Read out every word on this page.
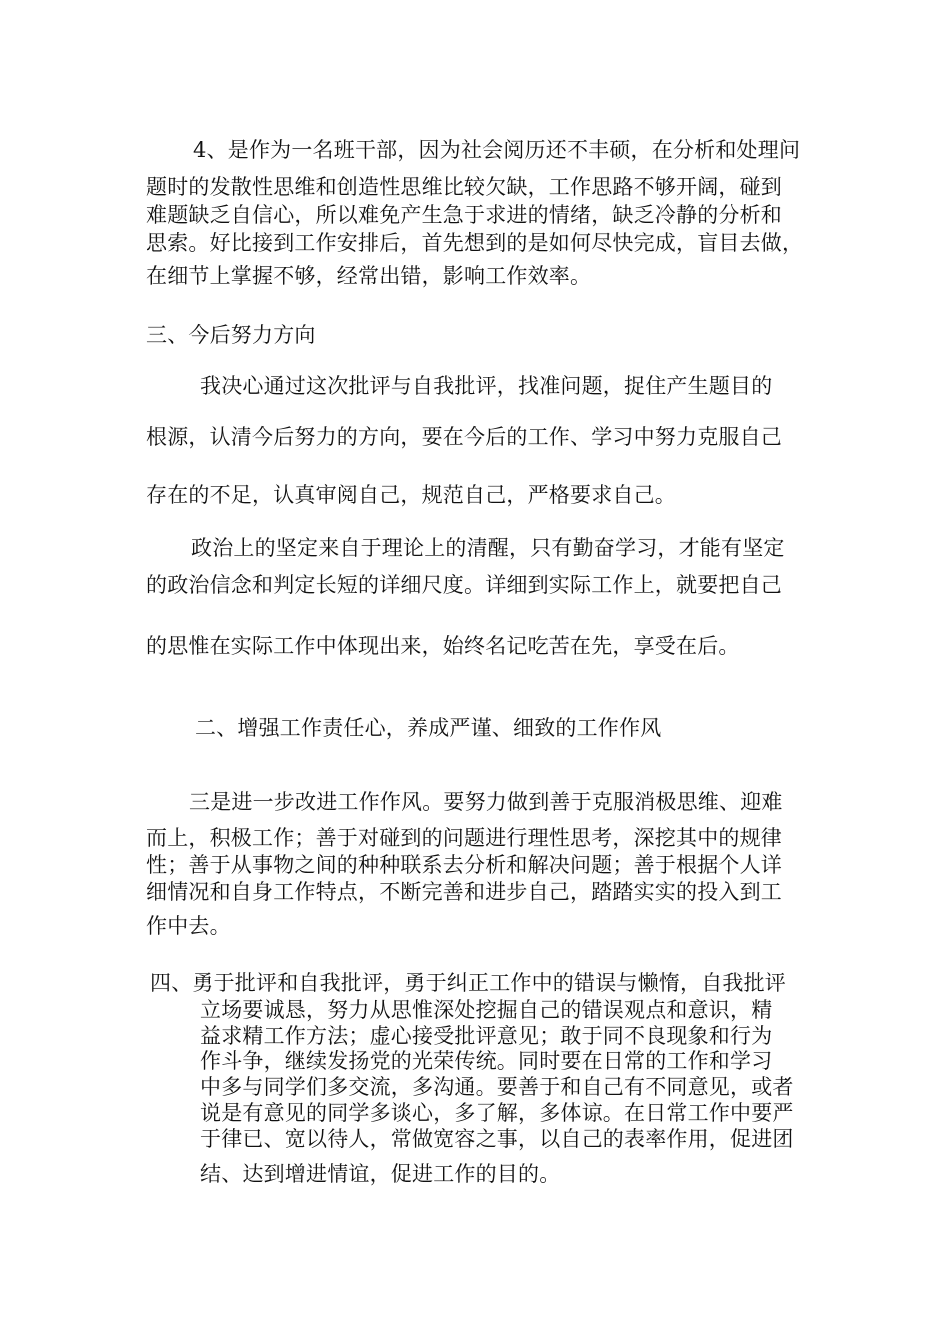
4、是作为一名班干部，因为社会阅历还不丰硕，在分析和处理问
题时的发散性思维和创造性思维比较欠缺，工作思路不够开阔，碰到
难题缺乏自信心，所以难免产生急于求进的情绪，缺乏冷静的分析和
思索。好比接到工作安排后，首先想到的是如何尽快完成，盲目去做，
在细节上掌握不够，经常出错，影响工作效率。
三、今后努力方向
我决心通过这次批评与自我批评，找准问题，捉住产生题目的
根源，认清今后努力的方向，要在今后的工作、学习中努力克服自己
存在的不足，认真审阅自己，规范自己，严格要求自己。
政治上的坚定来自于理论上的清醒，只有勤奋学习，才能有坚定
的政治信念和判定长短的详细尺度。详细到实际工作上，就要把自己
的思惟在实际工作中体现出来，始终名记吃苦在先，享受在后。
二、增强工作责任心，养成严谨、细致的工作作风
三是进一步改进工作作风。要努力做到善于克服消极思维、迎难
而上，积极工作；善于对碰到的问题进行理性思考，深挖其中的规律
性；善于从事物之间的种种联系去分析和解决问题；善于根据个人详
细情况和自身工作特点，不断完善和进步自己，踏踏实实的投入到工
作中去。
四、勇于批评和自我批评，勇于纠正工作中的错误与懒惰，自我批评
立场要诚恳，努力从思惟深处挖掘自己的错误观点和意识，精
益求精工作方法；虚心接受批评意见；敢于同不良现象和行为
作斗争，继续发扬党的光荣传统。同时要在日常的工作和学习
中多与同学们多交流，多沟通。要善于和自己有不同意见，或者
说是有意见的同学多谈心，多了解，多体谅。在日常工作中要严
于律已、宽以待人，常做宽容之事，以自己的表率作用，促进团
结、达到增进情谊，促进工作的目的。
